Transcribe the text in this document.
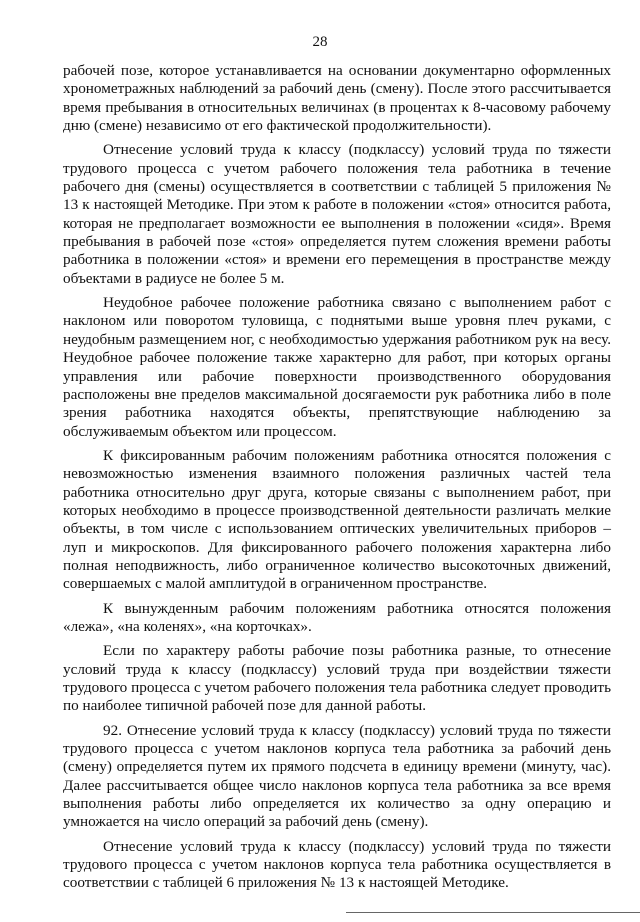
28

рабочей позе, которое устанавливается на основании документарно оформленных хронометражных наблюдений за рабочий день (смену). После этого рассчитывается время пребывания в относительных величинах (в процентах к 8-часовому рабочему дню (смене) независимо от его фактической продолжительности).

Отнесение условий труда к классу (подклассу) условий труда по тяжести трудового процесса с учетом рабочего положения тела работника в течение рабочего дня (смены) осуществляется в соответствии с таблицей 5 приложения № 13 к настоящей Методике. При этом к работе в положении «стоя» относится работа, которая не предполагает возможности ее выполнения в положении «сидя». Время пребывания в рабочей позе «стоя» определяется путем сложения времени работы работника в положении «стоя» и времени его перемещения в пространстве между объектами в радиусе не более 5 м.

Неудобное рабочее положение работника связано с выполнением работ с наклоном или поворотом туловища, с поднятыми выше уровня плеч руками, с неудобным размещением ног, с необходимостью удержания работником рук на весу. Неудобное рабочее положение также характерно для работ, при которых органы управления или рабочие поверхности производственного оборудования расположены вне пределов максимальной досягаемости рук работника либо в поле зрения работника находятся объекты, препятствующие наблюдению за обслуживаемым объектом или процессом.

К фиксированным рабочим положениям работника относятся положения с невозможностью изменения взаимного положения различных частей тела работника относительно друг друга, которые связаны с выполнением работ, при которых необходимо в процессе производственной деятельности различать мелкие объекты, в том числе с использованием оптических увеличительных приборов – луп и микроскопов. Для фиксированного рабочего положения характерна либо полная неподвижность, либо ограниченное количество высокоточных движений, совершаемых с малой амплитудой в ограниченном пространстве.

К вынужденным рабочим положениям работника относятся положения «лежа», «на коленях», «на корточках».

Если по характеру работы рабочие позы работника разные, то отнесение условий труда к классу (подклассу) условий труда при воздействии тяжести трудового процесса с учетом рабочего положения тела работника следует проводить по наиболее типичной рабочей позе для данной работы.

92. Отнесение условий труда к классу (подклассу) условий труда по тяжести трудового процесса с учетом наклонов корпуса тела работника за рабочий день (смену) определяется путем их прямого подсчета в единицу времени (минуту, час). Далее рассчитывается общее число наклонов корпуса тела работника за все время выполнения работы либо определяется их количество за одну операцию и умножается на число операций за рабочий день (смену).

Отнесение условий труда к классу (подклассу) условий труда по тяжести трудового процесса с учетом наклонов корпуса тела работника осуществляется в соответствии с таблицей 6 приложения № 13 к настоящей Методике.
